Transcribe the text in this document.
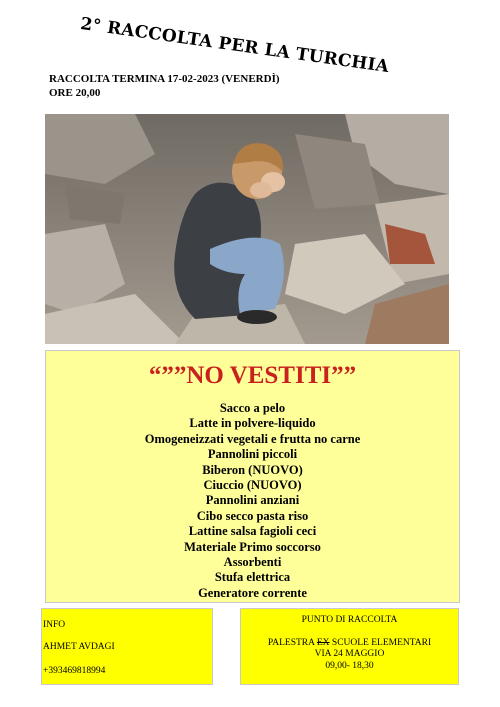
2° RACCOLTA PER LA TURCHIA
RACCOLTA TERMINA 17-02-2023 (VENERDÌ)
ORE 20,00
“””NO VESTITI””
Sacco a pelo
Latte in polvere-liquido
Omogeneizzati vegetali e frutta no carne
Pannolini piccoli
Biberon (NUOVO)
Ciuccio (NUOVO)
Pannolini anziani
Cibo secco pasta riso
Lattine salsa fagioli ceci
Materiale Primo soccorso
Assorbenti
Stufa elettrica
Generatore corrente
INFO
AHMET AVDAGI
+393469818994
PUNTO DI RACCOLTA
PALESTRA EX SCUOLE ELEMENTARI
VIA 24 MAGGIO
09,00- 18,30
